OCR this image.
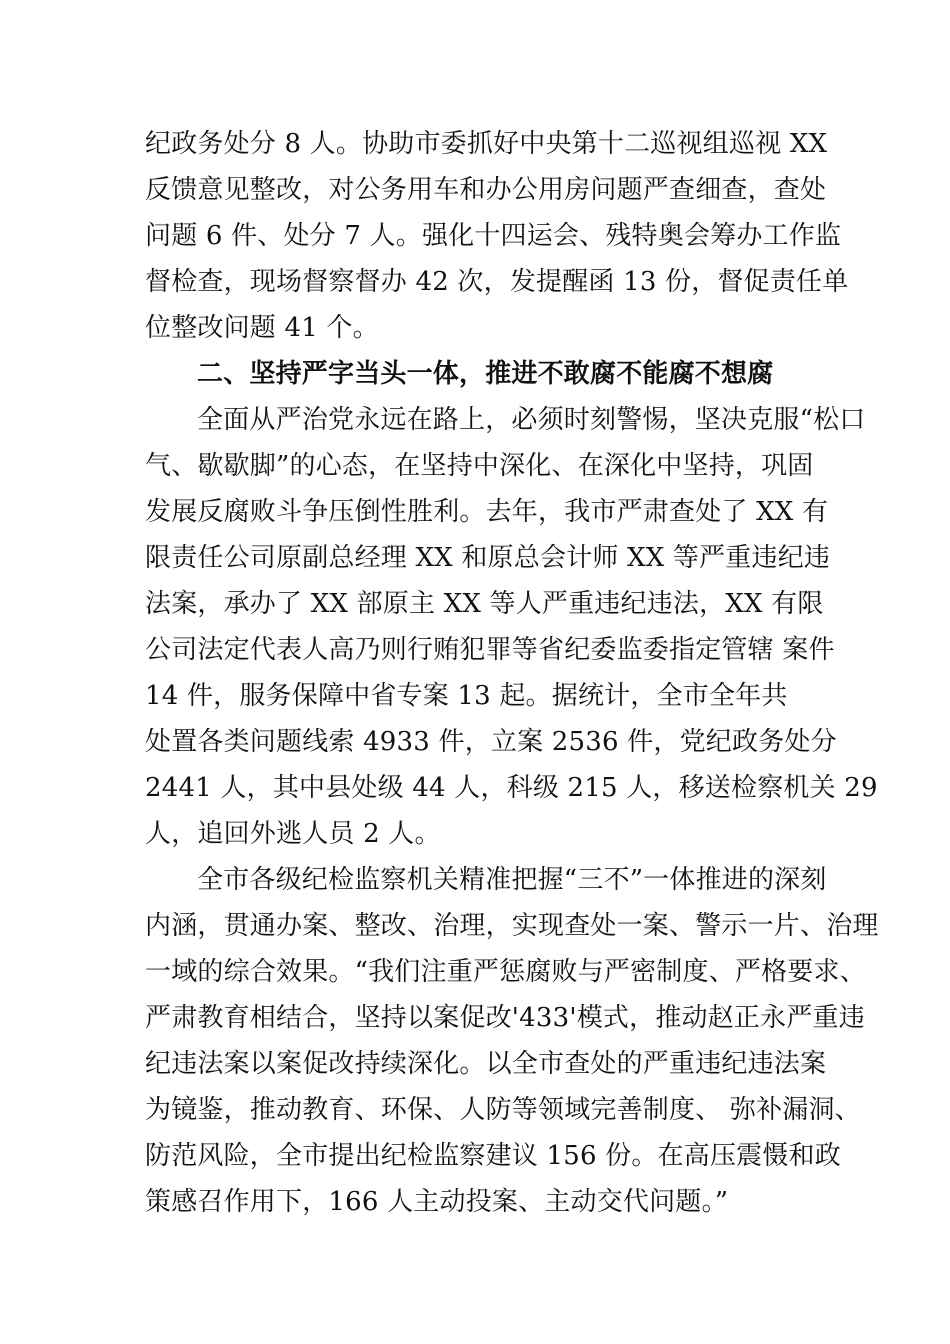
纪政务处分 8 人。协助市委抓好中央第十二巡视组巡视 XX
反馈意见整改，对公务用车和办公用房问题严查细查，查处
问题 6 件、处分 7 人。强化十四运会、残特奥会筹办工作监
督检查，现场督察督办 42 次，发提醒函 13 份，督促责任单
位整改问题 41 个。
二、坚持严字当头一体，推进不敢腐不能腐不想腐
全面从严治党永远在路上，必须时刻警惕，坚决克服“松口
气、歇歇脚”的心态，在坚持中深化、在深化中坚持，巩固
发展反腐败斗争压倒性胜利。去年，我市严肃查处了 XX 有
限责任公司原副总经理 XX 和原总会计师 XX 等严重违纪违
法案，承办了 XX 部原主 XX 等人严重违纪违法，XX 有限
公司法定代表人高乃则行贿犯罪等省纪委监委指定管辖 案件
14 件，服务保障中省专案 13 起。据统计，全市全年共
处置各类问题线索 4933 件，立案 2536 件，党纪政务处分
2441 人，其中县处级 44 人，科级 215 人，移送检察机关 29
人，追回外逃人员 2 人。
全市各级纪检监察机关精准把握“三不”一体推进的深刻
内涵，贯通办案、整改、治理，实现查处一案、警示一片、治理
一域的综合效果。“我们注重严惩腐败与严密制度、严格要求、
严肃教育相结合，坚持以案促改'433'模式，推动赵正永严重违
纪违法案以案促改持续深化。以全市查处的严重违纪违法案
为镜鉴，推动教育、环保、人防等领域完善制度、 弥补漏洞、
防范风险，全市提出纪检监察建议 156 份。在高压震慑和政
策感召作用下，166 人主动投案、主动交代问题。”
